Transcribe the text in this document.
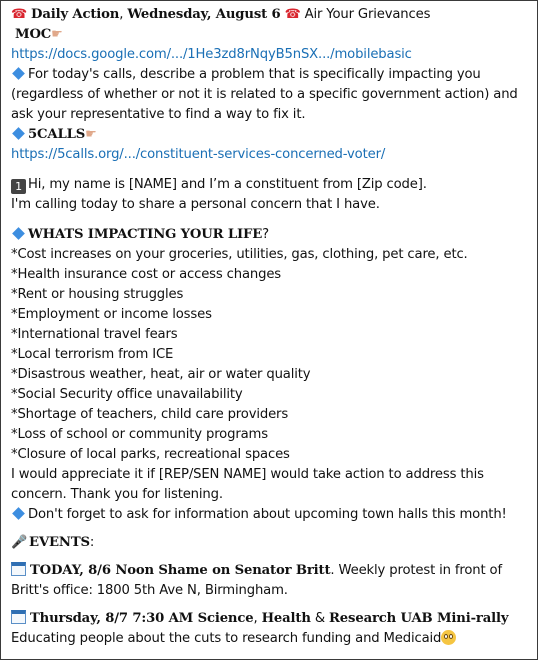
☎ Daily Action, Wednesday, August 6 ☎ Air Your Grievances
MOC☛
https://docs.google.com/.../1He3zd8rNqyB5nSX.../mobilebasic
For today's calls, describe a problem that is specifically impacting you (regardless of whether or not it is related to a specific government action) and ask your representative to find a way to fix it.
5CALLS☛
https://5calls.org/.../constituent-services-concerned-voter/
1 Hi, my name is [NAME] and I’m a constituent from [Zip code].
I'm calling today to share a personal concern that I have.
WHATS IMPACTING YOUR LIFE?
*Cost increases on your groceries, utilities, gas, clothing, pet care, etc.
*Health insurance cost or access changes
*Rent or housing struggles
*Employment or income losses
*International travel fears
*Local terrorism from ICE
*Disastrous weather, heat, air or water quality
*Social Security office unavailability
*Shortage of teachers, child care providers
*Loss of school or community programs
*Closure of local parks, recreational spaces
I would appreciate it if [REP/SEN NAME] would take action to address this concern. Thank you for listening.
Don't forget to ask for information about upcoming town halls this month!
🎤 EVENTS:
TODAY, 8/6 Noon Shame on Senator Britt. Weekly protest in front of Britt's office: 1800 5th Ave N, Birmingham.
Thursday, 8/7 7:30 AM Science, Health & Research UAB Mini-rally
Educating people about the cuts to research funding and Medicaid
